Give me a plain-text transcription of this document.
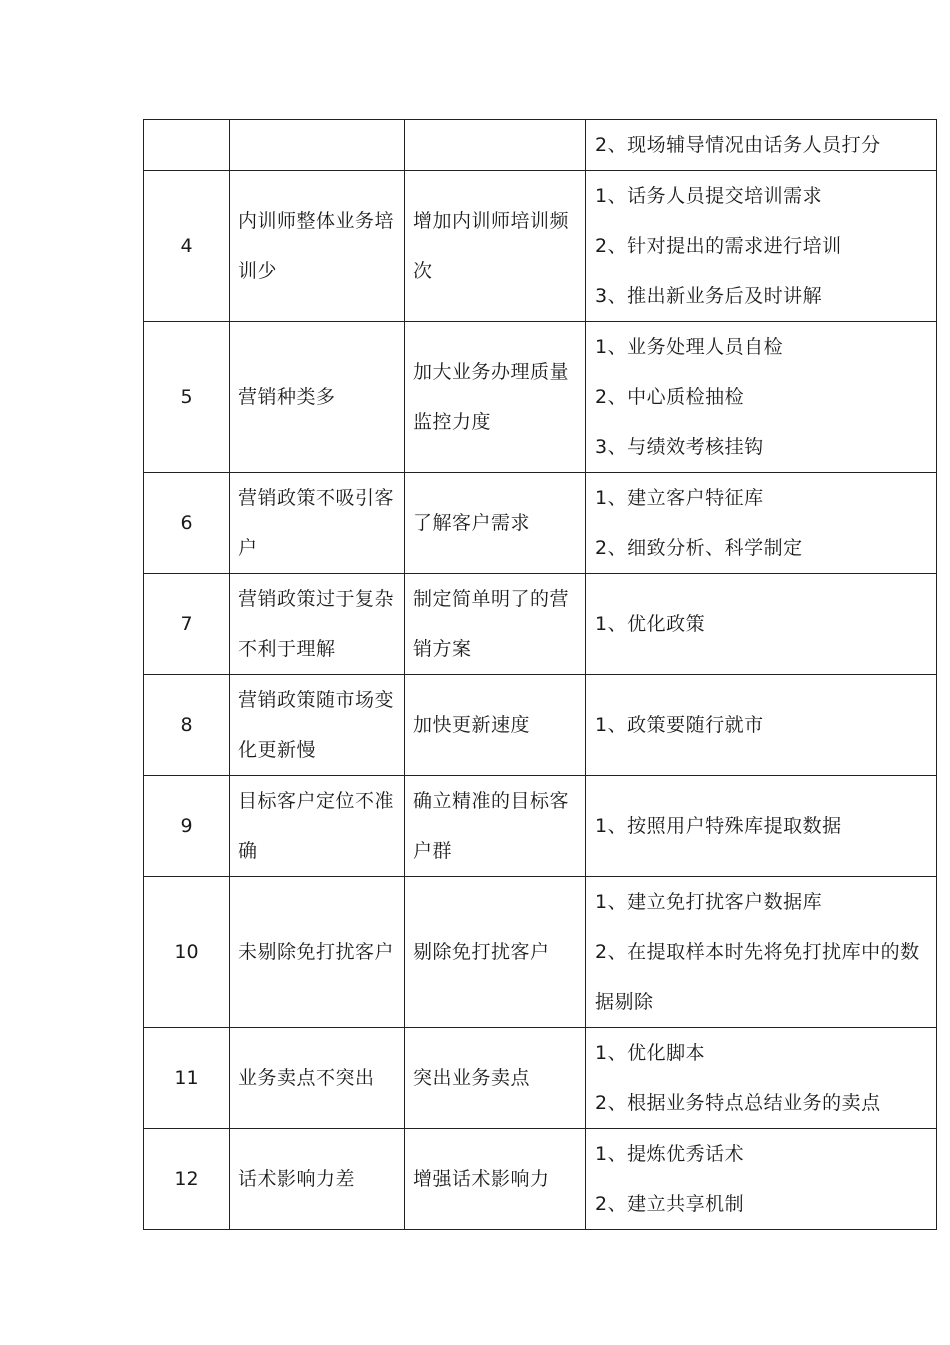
			2、现场辅导情况由话务人员打分

4	内训师整体业务培训少	增加内训师培训频次	1、话务人员提交培训需求
2、针对提出的需求进行培训
3、推出新业务后及时讲解

5	营销种类多	加大业务办理质量监控力度	1、业务处理人员自检
2、中心质检抽检
3、与绩效考核挂钩

6	营销政策不吸引客户	了解客户需求	1、建立客户特征库
2、细致分析、科学制定

7	营销政策过于复杂不利于理解	制定简单明了的营销方案	1、优化政策

8	营销政策随市场变化更新慢	加快更新速度	1、政策要随行就市

9	目标客户定位不准确	确立精准的目标客户群	1、按照用户特殊库提取数据

10	未剔除免打扰客户	剔除免打扰客户	1、建立免打扰客户数据库
2、在提取样本时先将免打扰库中的数据剔除

11	业务卖点不突出	突出业务卖点	1、优化脚本
2、根据业务特点总结业务的卖点

12	话术影响力差	增强话术影响力	1、提炼优秀话术
2、建立共享机制
